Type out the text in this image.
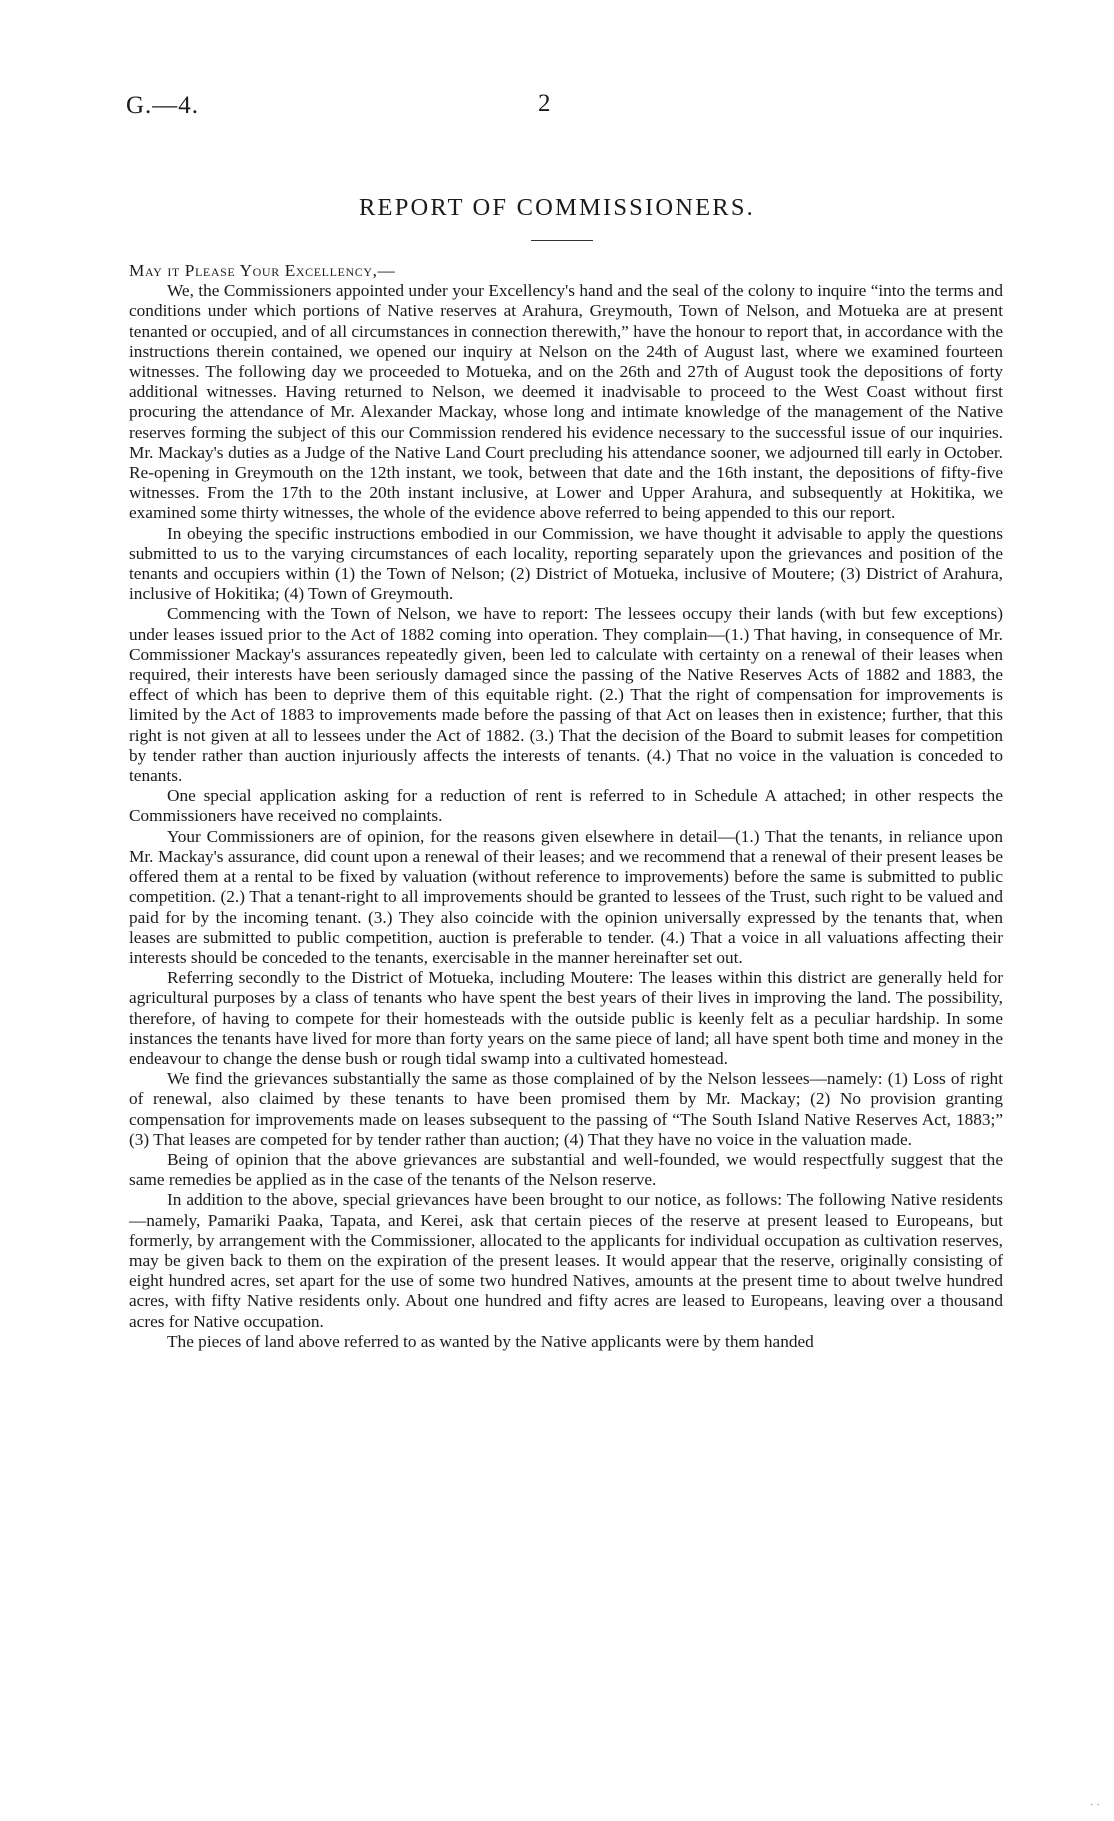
G.—4.	2
REPORT OF COMMISSIONERS.
May it Please Your Excellency,—

We, the Commissioners appointed under your Excellency's hand and the seal of the colony to inquire “into the terms and conditions under which portions of Native reserves at Arahura, Greymouth, Town of Nelson, and Motueka are at present tenanted or occupied, and of all circumstances in connection therewith,” have the honour to report that, in accordance with the instructions therein contained, we opened our inquiry at Nelson on the 24th of August last, where we examined fourteen witnesses. The following day we proceeded to Motueka, and on the 26th and 27th of August took the depositions of forty additional witnesses. Having returned to Nelson, we deemed it inadvisable to proceed to the West Coast without first procuring the attendance of Mr. Alexander Mackay, whose long and intimate knowledge of the management of the Native reserves forming the subject of this our Commission rendered his evidence necessary to the successful issue of our inquiries. Mr. Mackay's duties as a Judge of the Native Land Court precluding his attendance sooner, we adjourned till early in October. Re-opening in Greymouth on the 12th instant, we took, between that date and the 16th instant, the depositions of fifty-five witnesses. From the 17th to the 20th instant inclusive, at Lower and Upper Arahura, and subsequently at Hokitika, we examined some thirty witnesses, the whole of the evidence above referred to being appended to this our report.

In obeying the specific instructions embodied in our Commission, we have thought it advisable to apply the questions submitted to us to the varying circumstances of each locality, reporting separately upon the grievances and position of the tenants and occupiers within (1) the Town of Nelson; (2) District of Motueka, inclusive of Moutere; (3) District of Arahura, inclusive of Hokitika; (4) Town of Greymouth.

Commencing with the Town of Nelson, we have to report: The lessees occupy their lands (with but few exceptions) under leases issued prior to the Act of 1882 coming into operation. They complain—(1.) That having, in consequence of Mr. Commissioner Mackay's assurances repeatedly given, been led to calculate with certainty on a renewal of their leases when required, their interests have been seriously damaged since the passing of the Native Reserves Acts of 1882 and 1883, the effect of which has been to deprive them of this equitable right. (2.) That the right of compensation for improvements is limited by the Act of 1883 to improvements made before the passing of that Act on leases then in existence; further, that this right is not given at all to lessees under the Act of 1882. (3.) That the decision of the Board to submit leases for competition by tender rather than auction injuriously affects the interests of tenants. (4.) That no voice in the valuation is conceded to tenants.

One special application asking for a reduction of rent is referred to in Schedule A attached; in other respects the Commissioners have received no complaints.

Your Commissioners are of opinion, for the reasons given elsewhere in detail—(1.) That the tenants, in reliance upon Mr. Mackay's assurance, did count upon a renewal of their leases; and we recommend that a renewal of their present leases be offered them at a rental to be fixed by valuation (without reference to improvements) before the same is submitted to public competition. (2.) That a tenant-right to all improvements should be granted to lessees of the Trust, such right to be valued and paid for by the incoming tenant. (3.) They also coincide with the opinion universally expressed by the tenants that, when leases are submitted to public competition, auction is preferable to tender. (4.) That a voice in all valuations affecting their interests should be conceded to the tenants, exercisable in the manner hereinafter set out.

Referring secondly to the District of Motueka, including Moutere: The leases within this district are generally held for agricultural purposes by a class of tenants who have spent the best years of their lives in improving the land. The possibility, therefore, of having to compete for their homesteads with the outside public is keenly felt as a peculiar hardship. In some instances the tenants have lived for more than forty years on the same piece of land; all have spent both time and money in the endeavour to change the dense bush or rough tidal swamp into a cultivated homestead.

We find the grievances substantially the same as those complained of by the Nelson lessees—namely: (1) Loss of right of renewal, also claimed by these tenants to have been promised them by Mr. Mackay; (2) No provision granting compensation for improvements made on leases subsequent to the passing of “The South Island Native Reserves Act, 1883;” (3) That leases are competed for by tender rather than auction; (4) That they have no voice in the valuation made.

Being of opinion that the above grievances are substantial and well-founded, we would respectfully suggest that the same remedies be applied as in the case of the tenants of the Nelson reserve.

In addition to the above, special grievances have been brought to our notice, as follows: The following Native residents—namely, Pamariki Paaka, Tapata, and Kerei, ask that certain pieces of the reserve at present leased to Europeans, but formerly, by arrangement with the Commissioner, allocated to the applicants for individual occupation as cultivation reserves, may be given back to them on the expiration of the present leases. It would appear that the reserve, originally consisting of eight hundred acres, set apart for the use of some two hundred Natives, amounts at the present time to about twelve hundred acres, with fifty Native residents only. About one hundred and fifty acres are leased to Europeans, leaving over a thousand acres for Native occupation.

The pieces of land above referred to as wanted by the Native applicants were by them handed

· ·
